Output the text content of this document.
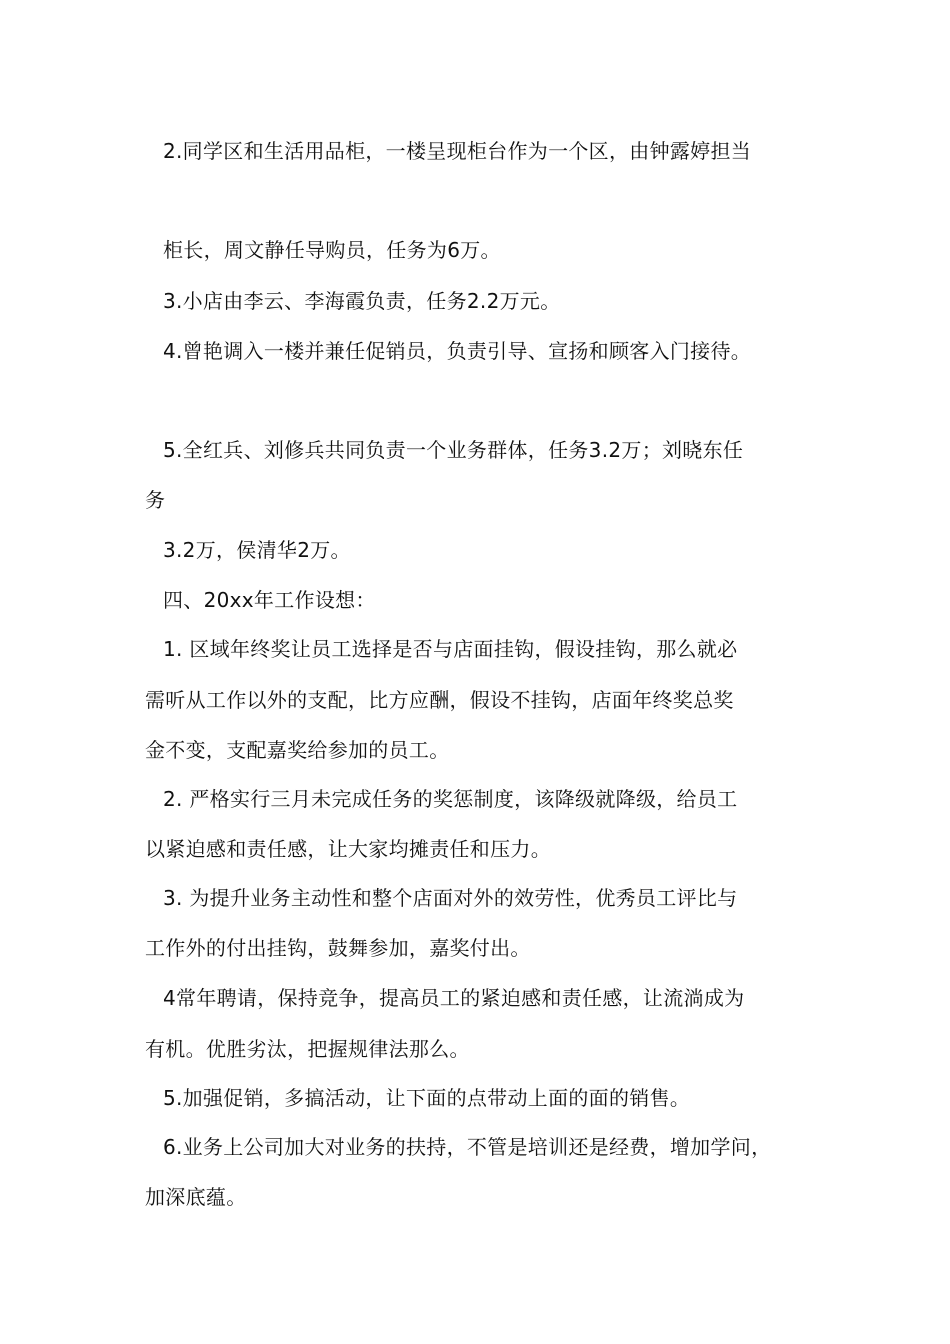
2.同学区和生活用品柜，一楼呈现柜台作为一个区，由钟露婷担当
柜长，周文静任导购员，任务为6万。
3.小店由李云、李海霞负责，任务2.2万元。
4.曾艳调入一楼并兼任促销员，负责引导、宣扬和顾客入门接待。
5.全红兵、刘修兵共同负责一个业务群体，任务3.2万；刘晓东任
务
3.2万，侯清华2万。
四、20xx年工作设想：
1. 区域年终奖让员工选择是否与店面挂钩，假设挂钩，那么就必
需听从工作以外的支配，比方应酬，假设不挂钩，店面年终奖总奖
金不变，支配嘉奖给参加的员工。
2. 严格实行三月未完成任务的奖惩制度，该降级就降级，给员工
以紧迫感和责任感，让大家均摊责任和压力。
3. 为提升业务主动性和整个店面对外的效劳性，优秀员工评比与
工作外的付出挂钩，鼓舞参加，嘉奖付出。
4常年聘请，保持竞争，提高员工的紧迫感和责任感，让流淌成为
有机。优胜劣汰，把握规律法那么。
5.加强促销，多搞活动，让下面的点带动上面的面的销售。
6.业务上公司加大对业务的扶持，不管是培训还是经费，增加学问，
加深底蕴。
